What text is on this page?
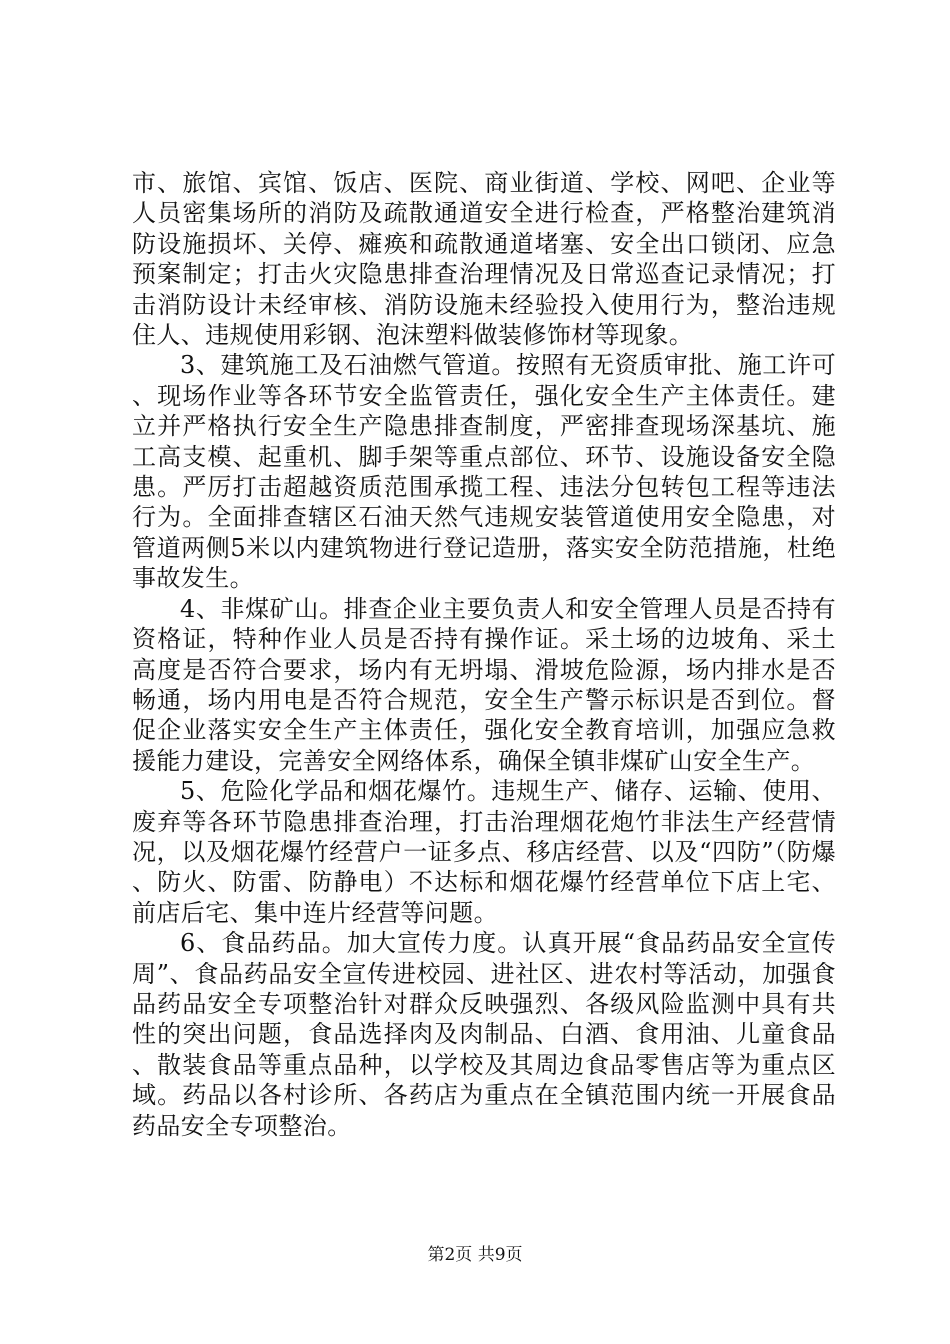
市、旅馆、宾馆、饭店、医院、商业街道、学校、网吧、企业等人员密集场所的消防及疏散通道安全进行检查，严格整治建筑消防设施损坏、关停、瘫痪和疏散通道堵塞、安全出口锁闭、应急预案制定；打击火灾隐患排查治理情况及日常巡查记录情况；打击消防设计未经审核、消防设施未经验投入使用行为，整治违规住人、违规使用彩钢、泡沫塑料做装修饰材等现象。

3、建筑施工及石油燃气管道。按照有无资质审批、施工许可、现场作业等各环节安全监管责任，强化安全生产主体责任。建立并严格执行安全生产隐患排查制度，严密排查现场深基坑、施工高支模、起重机、脚手架等重点部位、环节、设施设备安全隐患。严厉打击超越资质范围承揽工程、违法分包转包工程等违法行为。全面排查辖区石油天然气违规安装管道使用安全隐患，对管道两侧5米以内建筑物进行登记造册，落实安全防范措施，杜绝事故发生。

4、非煤矿山。排查企业主要负责人和安全管理人员是否持有资格证，特种作业人员是否持有操作证。采土场的边坡角、采土高度是否符合要求，场内有无坍塌、滑坡危险源，场内排水是否畅通，场内用电是否符合规范，安全生产警示标识是否到位。督促企业落实安全生产主体责任，强化安全教育培训，加强应急救援能力建设，完善安全网络体系，确保全镇非煤矿山安全生产。

5、危险化学品和烟花爆竹。违规生产、储存、运输、使用、废弃等各环节隐患排查治理，打击治理烟花炮竹非法生产经营情况，以及烟花爆竹经营户一证多点、移店经营、以及“四防”（防爆、防火、防雷、防静电）不达标和烟花爆竹经营单位下店上宅、前店后宅、集中连片经营等问题。

6、食品药品。加大宣传力度。认真开展“食品药品安全宣传周”、食品药品安全宣传进校园、进社区、进农村等活动，加强食品药品安全专项整治针对群众反映强烈、各级风险监测中具有共性的突出问题，食品选择肉及肉制品、白酒、食用油、儿童食品、散装食品等重点品种，以学校及其周边食品零售店等为重点区域。药品以各村诊所、各药店为重点在全镇范围内统一开展食品药品安全专项整治。

第2页 共9页
